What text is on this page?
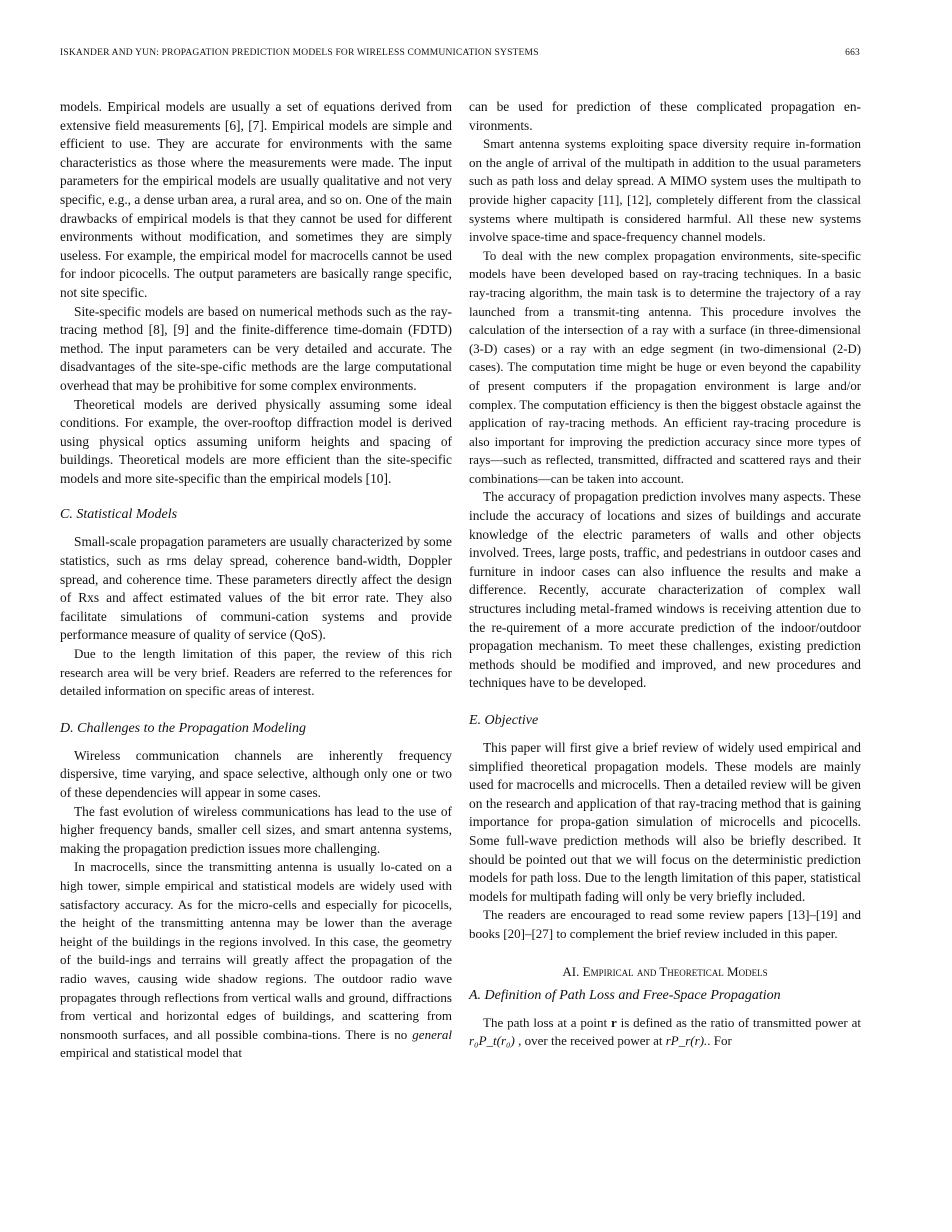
ISKANDER AND YUN: PROPAGATION PREDICTION MODELS FOR WIRELESS COMMUNICATION SYSTEMS	663

models. Empirical models are usually a set of equations derived from extensive field measurements [6], [7]. Empirical models are simple and efficient to use. They are accurate for environments with the same characteristics as those where the measurements were made. The input parameters for the empirical models are usually qualitative and not very specific, e.g., a dense urban area, a rural area, and so on. One of the main drawbacks of empirical models is that they cannot be used for different environments without modification, and sometimes they are simply useless. For example, the empirical model for macrocells cannot be used for indoor picocells. The output parameters are basically range specific, not site specific.

Site-specific models are based on numerical methods such as the ray-tracing method [8], [9] and the finite-difference time-domain (FDTD) method. The input parameters can be very detailed and accurate. The disadvantages of the site-spe-cific methods are the large computational overhead that may be prohibitive for some complex environments.

Theoretical models are derived physically assuming some ideal conditions. For example, the over-rooftop diffraction model is derived using physical optics assuming uniform heights and spacing of buildings. Theoretical models are more efficient than the site-specific models and more site-specific than the empirical models [10].

C. Statistical Models

Small-scale propagation parameters are usually characterized by some statistics, such as rms delay spread, coherence band-width, Doppler spread, and coherence time. These parameters directly affect the design of Rxs and affect estimated values of the bit error rate. They also facilitate simulations of communi-cation systems and provide performance measure of quality of service (QoS).

Due to the length limitation of this paper, the review of this rich research area will be very brief. Readers are referred to the references for detailed information on specific areas of interest.

D. Challenges to the Propagation Modeling

Wireless communication channels are inherently frequency dispersive, time varying, and space selective, although only one or two of these dependencies will appear in some cases.

The fast evolution of wireless communications has lead to the use of higher frequency bands, smaller cell sizes, and smart antenna systems, making the propagation prediction issues more challenging.

In macrocells, since the transmitting antenna is usually lo-cated on a high tower, simple empirical and statistical models are widely used with satisfactory accuracy. As for the micro-cells and especially for picocells, the height of the transmitting antenna may be lower than the average height of the buildings in the regions involved. In this case, the geometry of the build-ings and terrains will greatly affect the propagation of the radio waves, causing wide shadow regions. The outdoor radio wave propagates through reflections from vertical walls and ground, diffractions from vertical and horizontal edges of buildings, and scattering from nonsmooth surfaces, and all possible combina-tions. There is no general empirical and statistical model that

can be used for prediction of these complicated propagation en-vironments.

Smart antenna systems exploiting space diversity require in-formation on the angle of arrival of the multipath in addition to the usual parameters such as path loss and delay spread. A MIMO system uses the multipath to provide higher capacity [11], [12], completely different from the classical systems where multipath is considered harmful. All these new systems involve space-time and space-frequency channel models.

To deal with the new complex propagation environments, site-specific models have been developed based on ray-tracing techniques. In a basic ray-tracing algorithm, the main task is to determine the trajectory of a ray launched from a transmit-ting antenna. This procedure involves the calculation of the intersection of a ray with a surface (in three-dimensional (3-D) cases) or a ray with an edge segment (in two-dimensional (2-D) cases). The computation time might be huge or even beyond the capability of present computers if the propagation environment is large and/or complex. The computation efficiency is then the biggest obstacle against the application of ray-tracing methods. An efficient ray-tracing procedure is also important for improving the prediction accuracy since more types of rays—such as reflected, transmitted, diffracted and scattered rays and their combinations—can be taken into account.

The accuracy of propagation prediction involves many aspects. These include the accuracy of locations and sizes of buildings and accurate knowledge of the electric parameters of walls and other objects involved. Trees, large posts, traffic, and pedestrians in outdoor cases and furniture in indoor cases can also influence the results and make a difference. Recently, accurate characterization of complex wall structures including metal-framed windows is receiving attention due to the re-quirement of a more accurate prediction of the indoor/outdoor propagation mechanism. To meet these challenges, existing prediction methods should be modified and improved, and new procedures and techniques have to be developed.

E. Objective

This paper will first give a brief review of widely used empirical and simplified theoretical propagation models. These models are mainly used for macrocells and microcells. Then a detailed review will be given on the research and application of that ray-tracing method that is gaining importance for propa-gation simulation of microcells and picocells. Some full-wave prediction methods will also be briefly described. It should be pointed out that we will focus on the deterministic prediction models for path loss. Due to the length limitation of this paper, statistical models for multipath fading will only be very briefly included.

The readers are encouraged to read some review papers [13]–[19] and books [20]–[27] to complement the brief review included in this paper.

AI. Empirical and Theoretical Models
A. Definition of Path Loss and Free-Space Propagation

The path loss at a point r is defined as the ratio of transmitted power at r₀P_t(r₀) , over the received power at rP_r(r).. For
